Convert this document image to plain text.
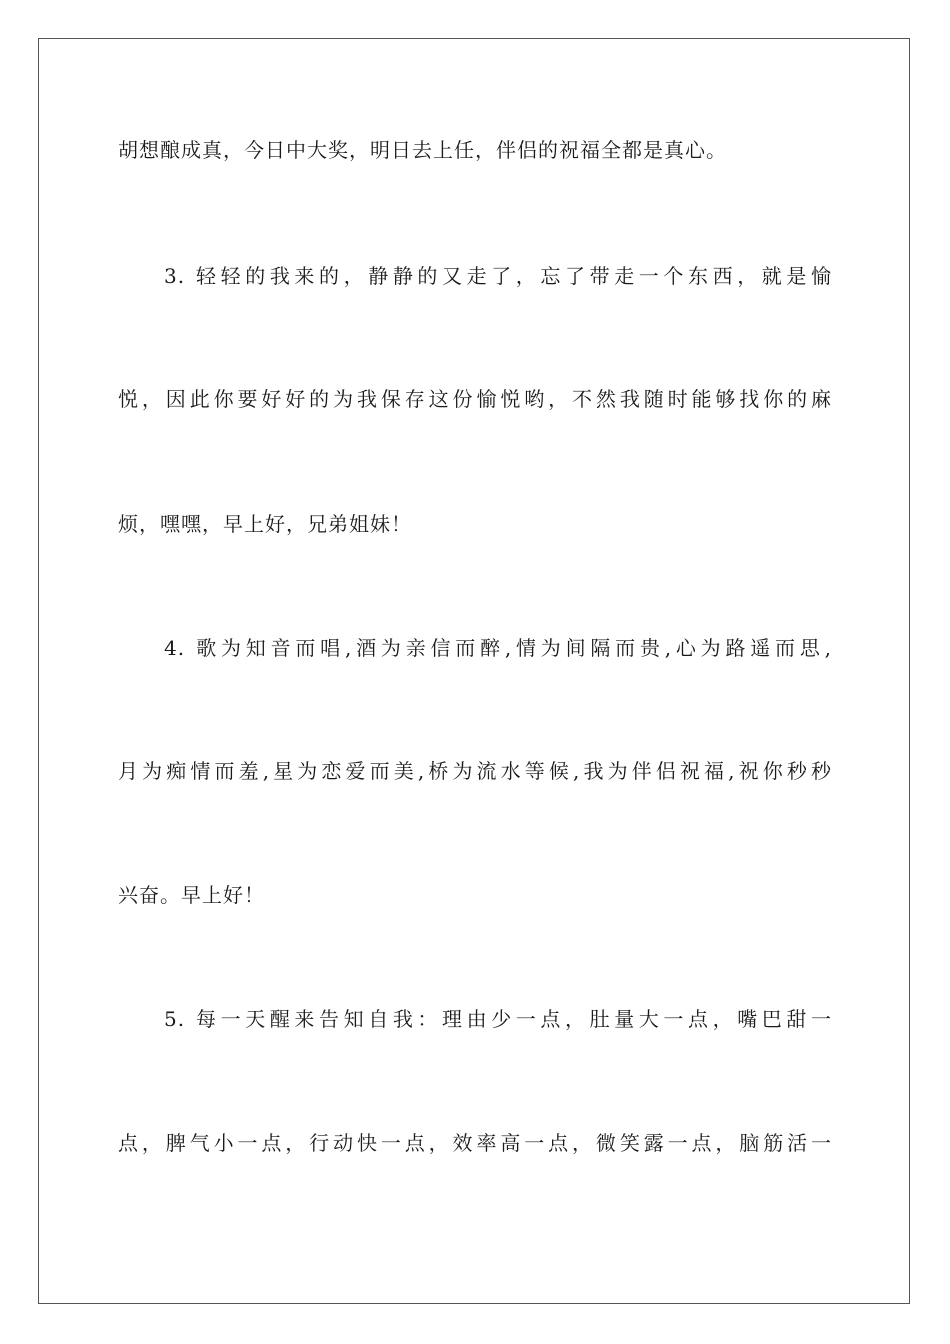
胡想酿成真，今日中大奖，明日去上任，伴侣的祝福全都是真心。
3. 轻轻的我来的，静静的又走了，忘了带走一个东西，就是愉
悦，因此你要好好的为我保存这份愉悦哟，不然我随时能够找你的麻
烦，嘿嘿，早上好，兄弟姐妹！
4. 歌为知音而唱,酒为亲信而醉,情为间隔而贵,心为路遥而思,
月为痴情而羞,星为恋爱而美,桥为流水等候,我为伴侣祝福,祝你秒秒
兴奋。早上好！
5. 每一天醒来告知自我：理由少一点，肚量大一点，嘴巴甜一
点，脾气小一点，行动快一点，效率高一点，微笑露一点，脑筋活一
